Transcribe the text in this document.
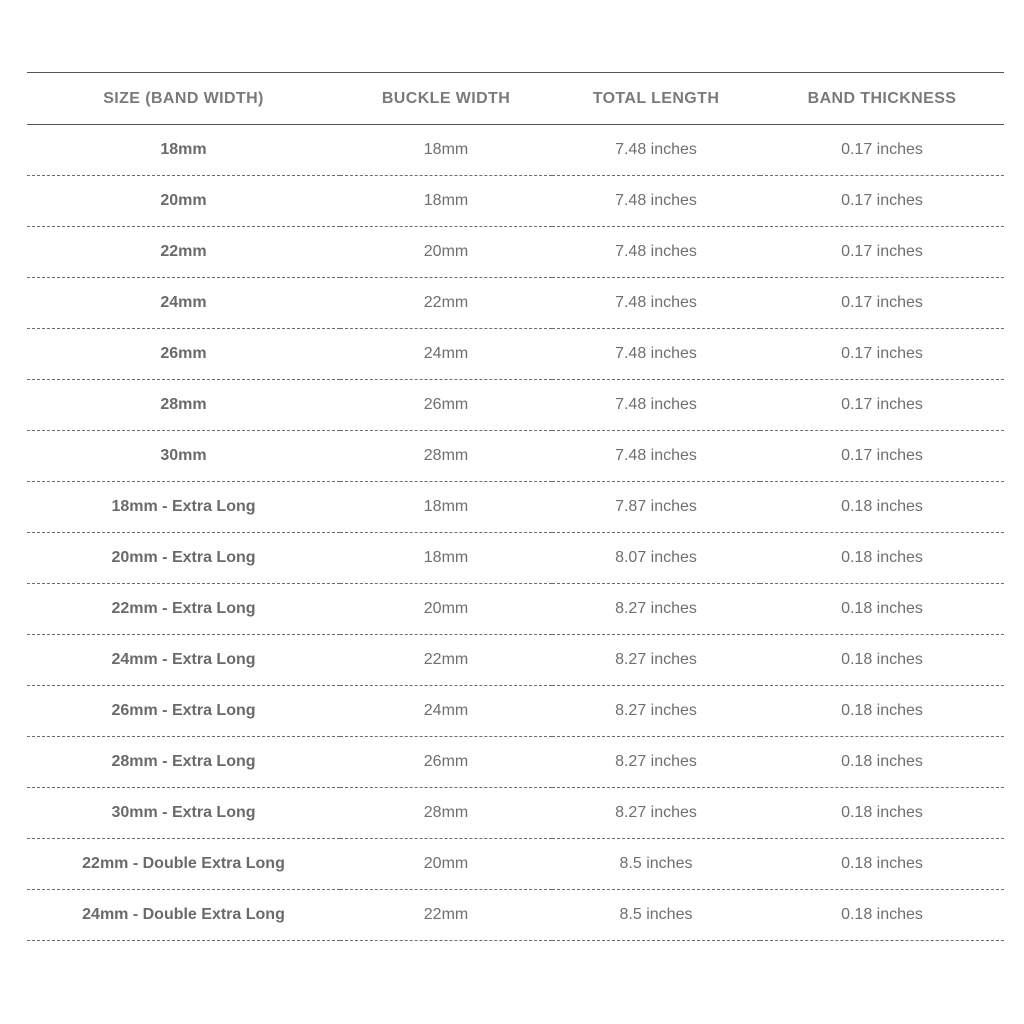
SIZE (BAND WIDTH)	BUCKLE WIDTH	TOTAL LENGTH	BAND THICKNESS
18mm	18mm	7.48 inches	0.17 inches
20mm	18mm	7.48 inches	0.17 inches
22mm	20mm	7.48 inches	0.17 inches
24mm	22mm	7.48 inches	0.17 inches
26mm	24mm	7.48 inches	0.17 inches
28mm	26mm	7.48 inches	0.17 inches
30mm	28mm	7.48 inches	0.17 inches
18mm - Extra Long	18mm	7.87 inches	0.18 inches
20mm - Extra Long	18mm	8.07 inches	0.18 inches
22mm - Extra Long	20mm	8.27 inches	0.18 inches
24mm - Extra Long	22mm	8.27 inches	0.18 inches
26mm - Extra Long	24mm	8.27 inches	0.18 inches
28mm - Extra Long	26mm	8.27 inches	0.18 inches
30mm - Extra Long	28mm	8.27 inches	0.18 inches
22mm - Double Extra Long	20mm	8.5 inches	0.18 inches
24mm - Double Extra Long	22mm	8.5 inches	0.18 inches
